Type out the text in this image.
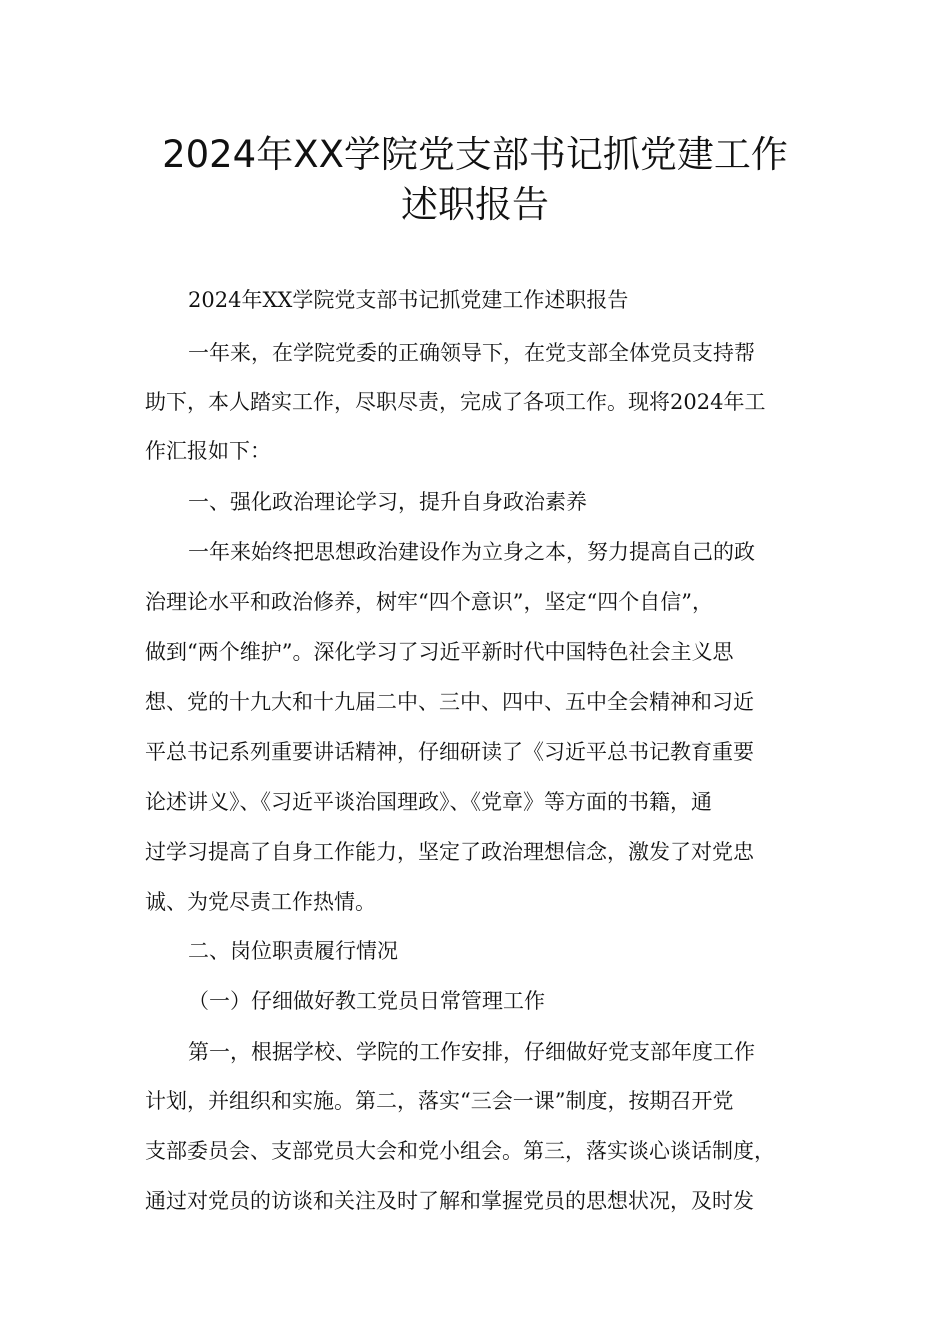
2024年XX学院党支部书记抓党建工作
述职报告
2024年XX学院党支部书记抓党建工作述职报告
一年来，在学院党委的正确领导下，在党支部全体党员支持帮
助下，本人踏实工作，尽职尽责，完成了各项工作。现将2024年工
作汇报如下：
一、强化政治理论学习，提升自身政治素养
一年来始终把思想政治建设作为立身之本，努力提高自己的政
治理论水平和政治修养，树牢“四个意识”，坚定“四个自信”，
做到“两个维护”。深化学习了习近平新时代中国特色社会主义思
想、党的十九大和十九届二中、三中、四中、五中全会精神和习近
平总书记系列重要讲话精神，仔细研读了《习近平总书记教育重要
论述讲义》、《习近平谈治国理政》、《党章》等方面的书籍，通
过学习提高了自身工作能力，坚定了政治理想信念，激发了对党忠
诚、为党尽责工作热情。
二、岗位职责履行情况
（一）仔细做好教工党员日常管理工作
第一，根据学校、学院的工作安排，仔细做好党支部年度工作
计划，并组织和实施。第二，落实“三会一课”制度，按期召开党
支部委员会、支部党员大会和党小组会。第三，落实谈心谈话制度，
通过对党员的访谈和关注及时了解和掌握党员的思想状况，及时发
